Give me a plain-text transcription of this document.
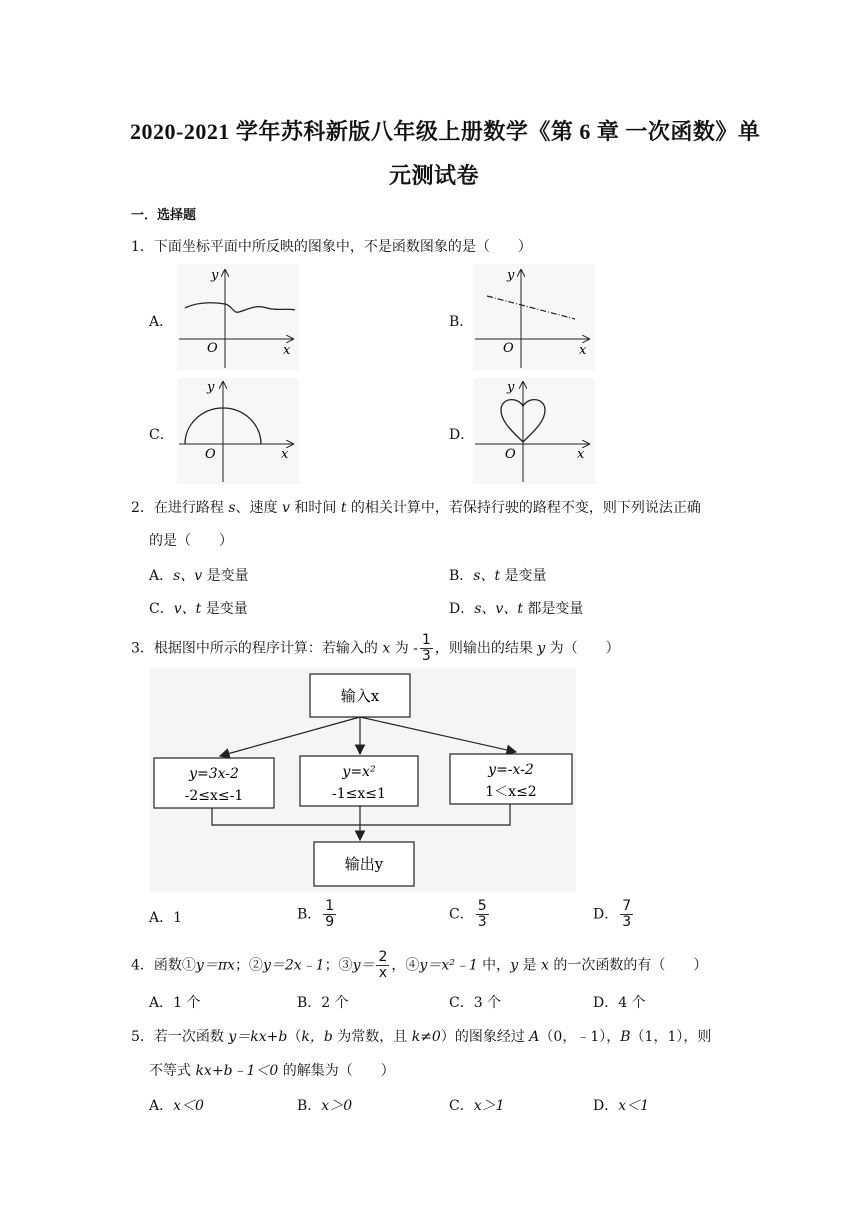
2020-2021 学年苏科新版八年级上册数学《第 6 章 一次函数》单
元测试卷
一．选择题
1．下面坐标平面中所反映的图象中，不是函数图象的是（　　）
A．	B．
C．	D．
y
x
O
y
x
O
y
x
O
y
x
O
2．在进行路程 s、速度 v 和时间 t 的相关计算中，若保持行驶的路程不变，则下列说法正确
的是（　　）
A．s、v 是变量	B．s、t 是变量
C．v、t 是变量	D．s、v、t 都是变量
3．根据图中所示的程序计算：若输入的 x 为 - $\frac{1}{3}$ ，则输出的结果 y 为（　　）
输入x
y=3x-2
-2≤x≤-1
y=x²
-1≤x≤1
y=-x-2
1＜x≤2
输出y
A．1	B． $\frac{1}{9}$	C． $\frac{5}{3}$	D． $\frac{7}{3}$
4．函数①y＝πx；②y＝2x﹣1；③y＝ $\frac{2}{x}$ ，④y＝x²﹣1 中，y 是 x 的一次函数的有（　　）
A．1 个	B．2 个	C．3 个	D．4 个
5．若一次函数 y＝kx+b（k，b 为常数，且 k≠0）的图象经过 A（0，﹣1），B（1，1），则
不等式 kx+b﹣1＜0 的解集为（　　）
A．x＜0	B．x＞0	C．x＞1	D．x＜1
